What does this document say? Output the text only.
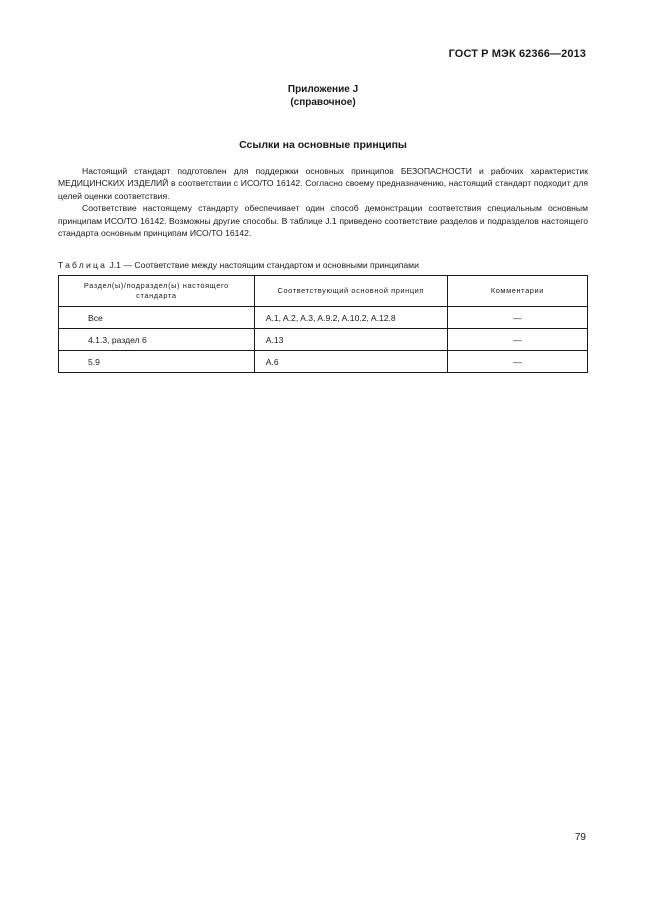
ГОСТ Р МЭК 62366—2013
Приложение J
(справочное)
Ссылки на основные принципы

Настоящий стандарт подготовлен для поддержки основных принципов БЕЗОПАСНОСТИ и рабочих характеристик МЕДИЦИНСКИХ ИЗДЕЛИЙ в соответствии с ИСО/ТО 16142. Согласно своему предназначению, настоящий стандарт подходит для целей оценки соответствия.

Соответствие настоящему стандарту обеспечивает один способ демонстрации соответствия специальным основным принципам ИСО/ТО 16142. Возможны другие способы. В таблице J.1 приведено соответствие разделов и подразделов настоящего стандарта основным принципам ИСО/ТО 16142.

Таблица J.1 — Соответствие между настоящим стандартом и основными принципами
Раздел(ы)/подраздел(ы) настоящего стандарта	Соответствующий основной принцип	Комментарии
Все	A.1, A.2, A.3, A.9.2, A.10.2, A.12.8	—
4.1.3, раздел 6	A.13	—
5.9	A.6	—
79
